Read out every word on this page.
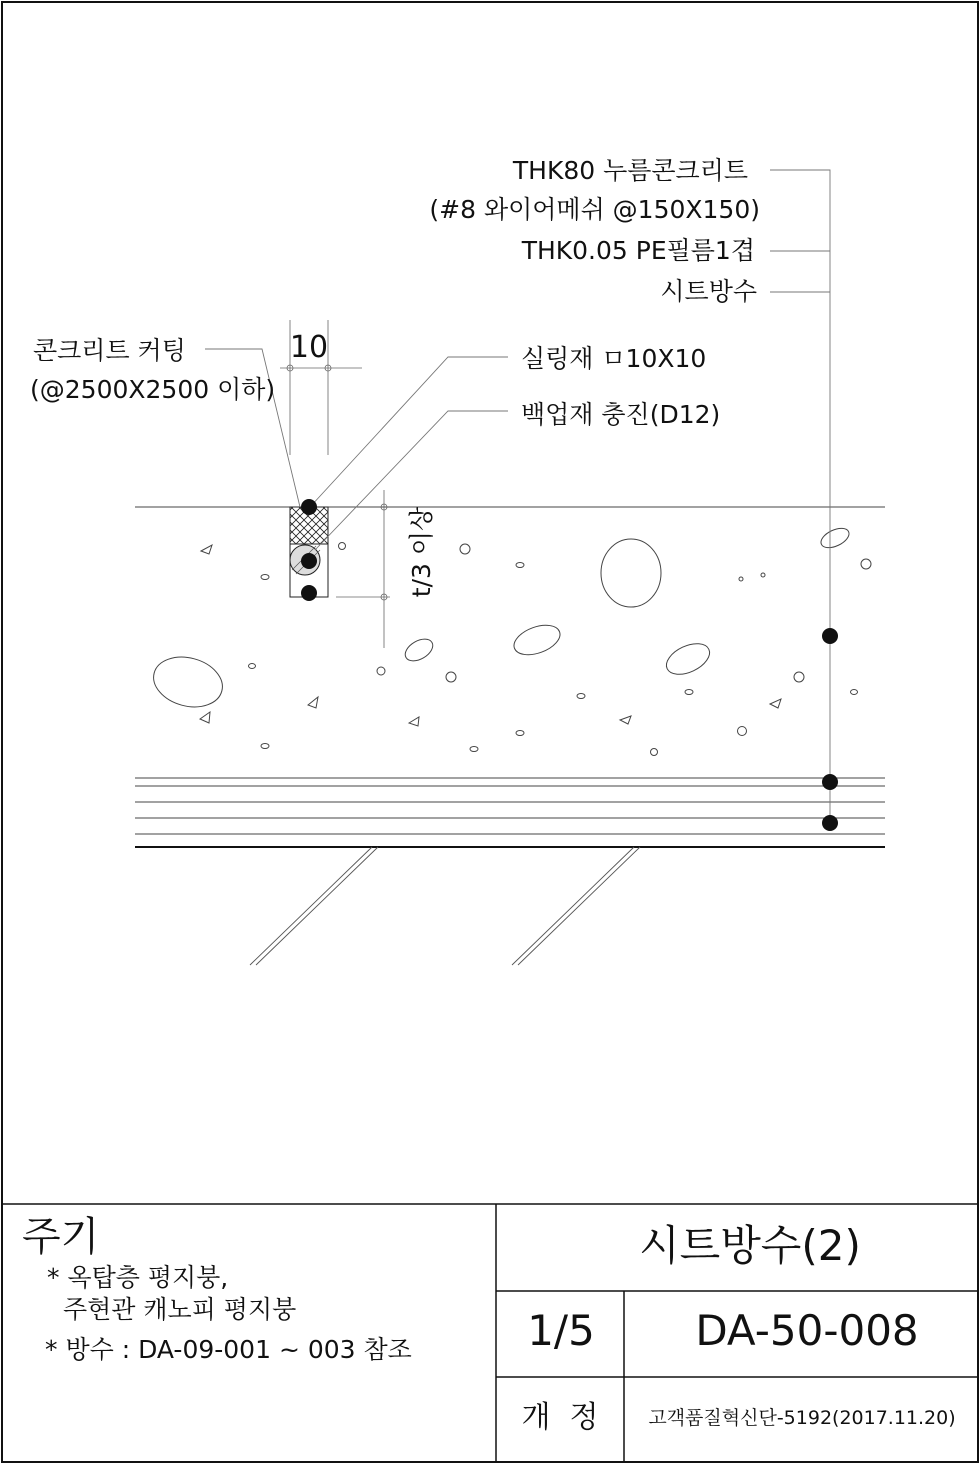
10
t/3 이상
THK80 누름콘크리트
(#8 와이어메쉬 @150X150)
THK0.05 PE필름1겹
시트방수
콘크리트 커팅
(@2500X2500 이하)
실링재 ㅁ10X10
백업재 충진(D12)
주기
* 옥탑층 평지붕,
주현관 캐노피 평지붕
* 방수 : DA-09-001 ~ 003 참조
시트방수(2)
1/5 DA-50-008
개  정	고객품질혁신단-5192(2017.11.20)
